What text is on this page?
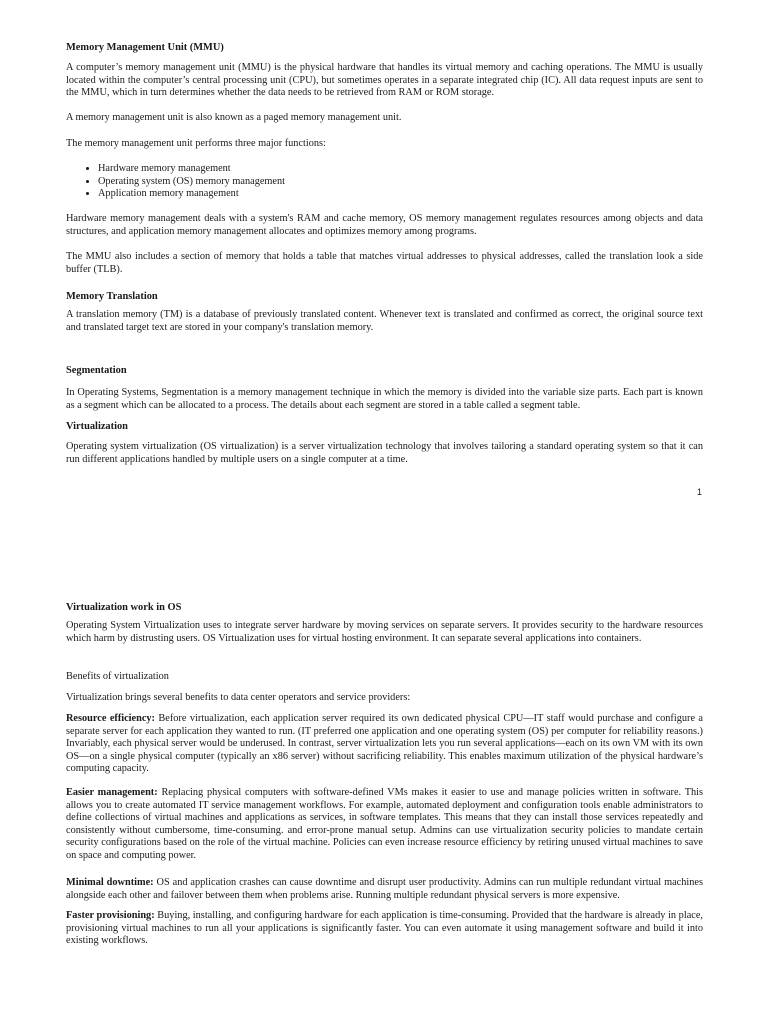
Memory Management Unit (MMU)

A computer’s memory management unit (MMU) is the physical hardware that handles its virtual memory and caching operations. The MMU is usually located within the computer’s central processing unit (CPU), but sometimes operates in a separate integrated chip (IC). All data request inputs are sent to the MMU, which in turn determines whether the data needs to be retrieved from RAM or ROM storage.

A memory management unit is also known as a paged memory management unit.

The memory management unit performs three major functions:

• Hardware memory management
• Operating system (OS) memory management
• Application memory management

Hardware memory management deals with a system's RAM and cache memory, OS memory management regulates resources among objects and data structures, and application memory management allocates and optimizes memory among programs.

The MMU also includes a section of memory that holds a table that matches virtual addresses to physical addresses, called the translation look a side buffer (TLB).

Memory Translation

A translation memory (TM) is a database of previously translated content. Whenever text is translated and confirmed as correct, the original source text and translated target text are stored in your company's translation memory.

Segmentation

In Operating Systems, Segmentation is a memory management technique in which the memory is divided into the variable size parts. Each part is known as a segment which can be allocated to a process. The details about each segment are stored in a table called a segment table.

Virtualization

Operating system virtualization (OS virtualization) is a server virtualization technology that involves tailoring a standard operating system so that it can run different applications handled by multiple users on a single computer at a time.

1
Virtualization work in OS

Operating System Virtualization uses to integrate server hardware by moving services on separate servers. It provides security to the hardware resources which harm by distrusting users. OS Virtualization uses for virtual hosting environment. It can separate several applications into containers.

Benefits of virtualization

Virtualization brings several benefits to data center operators and service providers:

Resource efficiency: Before virtualization, each application server required its own dedicated physical CPU—IT staff would purchase and configure a separate server for each application they wanted to run. (IT preferred one application and one operating system (OS) per computer for reliability reasons.) Invariably, each physical server would be underused. In contrast, server virtualization lets you run several applications—each on its own VM with its own OS—on a single physical computer (typically an x86 server) without sacrificing reliability. This enables maximum utilization of the physical hardware’s computing capacity.

Easier management: Replacing physical computers with software-defined VMs makes it easier to use and manage policies written in software. This allows you to create automated IT service management workflows. For example, automated deployment and configuration tools enable administrators to define collections of virtual machines and applications as services, in software templates. This means that they can install those services repeatedly and consistently without cumbersome, time-consuming. and error-prone manual setup. Admins can use virtualization security policies to mandate certain security configurations based on the role of the virtual machine. Policies can even increase resource efficiency by retiring unused virtual machines to save on space and computing power.

Minimal downtime: OS and application crashes can cause downtime and disrupt user productivity. Admins can run multiple redundant virtual machines alongside each other and failover between them when problems arise. Running multiple redundant physical servers is more expensive.

Faster provisioning: Buying, installing, and configuring hardware for each application is time-consuming. Provided that the hardware is already in place, provisioning virtual machines to run all your applications is significantly faster. You can even automate it using management software and build it into existing workflows.
